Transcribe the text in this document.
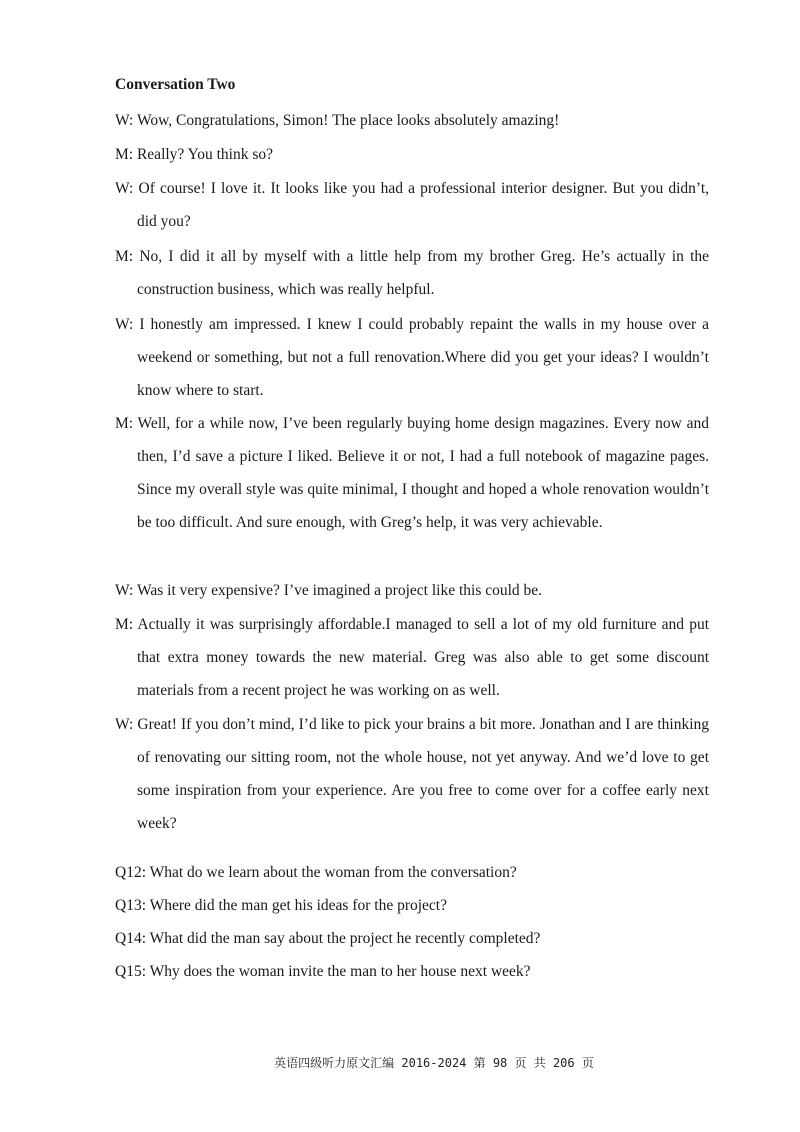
Conversation Two
W: Wow, Congratulations, Simon! The place looks absolutely amazing!
M: Really? You think so?
W: Of course! I love it. It looks like you had a professional interior designer. But you didn’t, did you?
M: No, I did it all by myself with a little help from my brother Greg. He’s actually in the construction business, which was really helpful.
W: I honestly am impressed. I knew I could probably repaint the walls in my house over a weekend or something, but not a full renovation.Where did you get your ideas? I wouldn’t know where to start.
M: Well, for a while now, I’ve been regularly buying home design magazines. Every now and then, I’d save a picture I liked. Believe it or not, I had a full notebook of magazine pages. Since my overall style was quite minimal, I thought and hoped a whole renovation wouldn’t be too difficult. And sure enough, with Greg’s help, it was very achievable.
W: Was it very expensive? I’ve imagined a project like this could be.
M: Actually it was surprisingly affordable.I managed to sell a lot of my old furniture and put that extra money towards the new material. Greg was also able to get some discount materials from a recent project he was working on as well.
W: Great! If you don’t mind, I’d like to pick your brains a bit more. Jonathan and I are thinking of renovating our sitting room, not the whole house, not yet anyway. And we’d love to get some inspiration from your experience. Are you free to come over for a coffee early next week?
Q12: What do we learn about the woman from the conversation?
Q13: Where did the man get his ideas for the project?
Q14: What did the man say about the project he recently completed?
Q15: Why does the woman invite the man to her house next week?
英语四级听力原文汇编 2016-2024 第 98 页 共 206 页
